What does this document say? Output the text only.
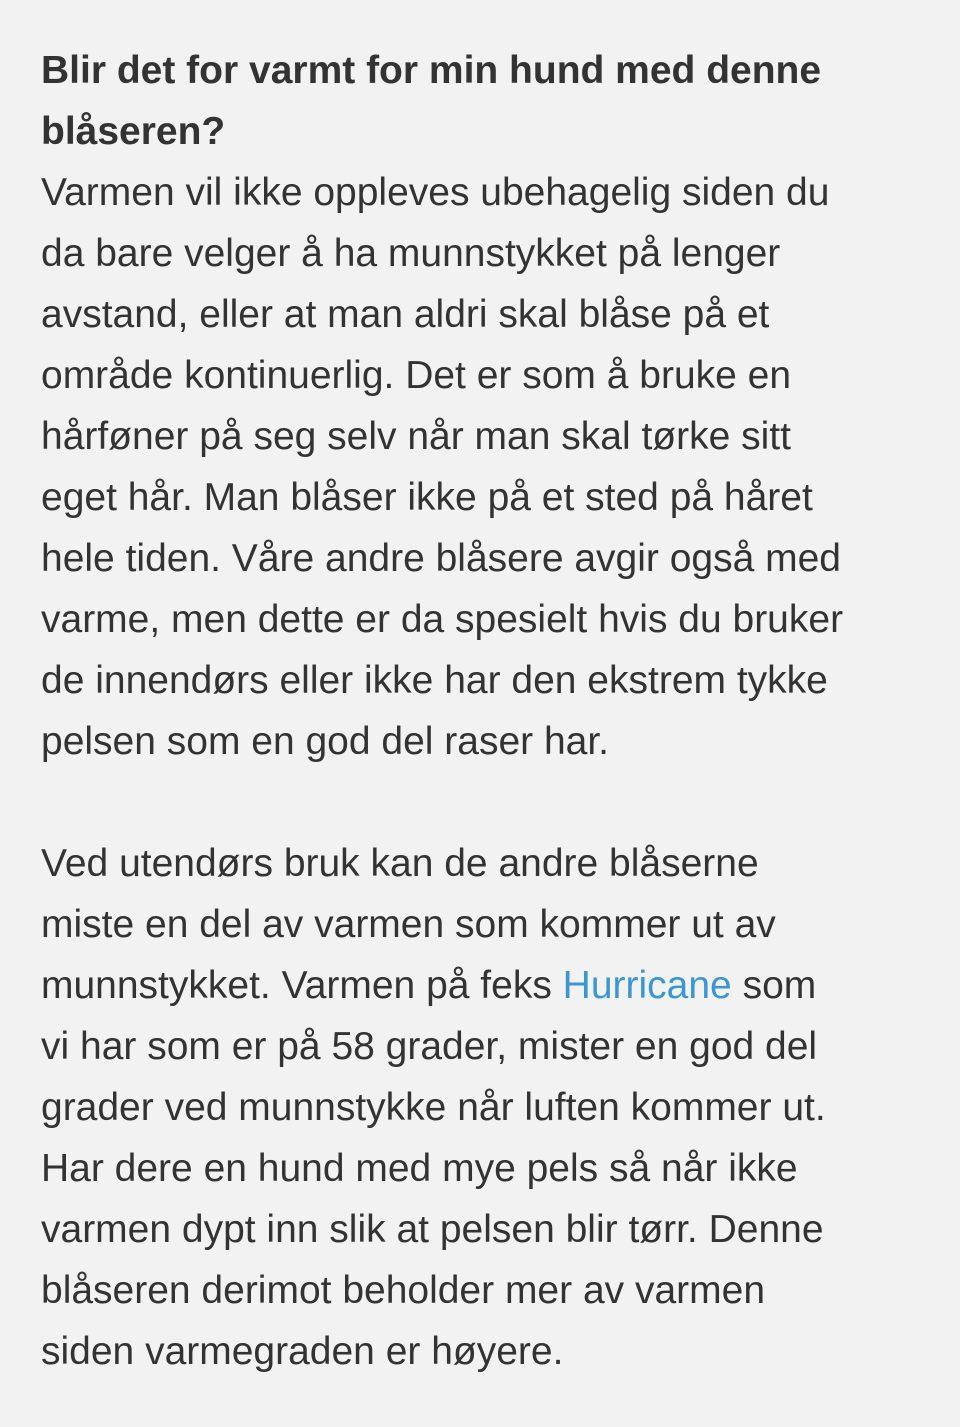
Blir det for varmt for min hund med denne
blåseren?

Varmen vil ikke oppleves ubehagelig siden du
da bare velger å ha munnstykket på lenger
avstand, eller at man aldri skal blåse på et
område kontinuerlig. Det er som å bruke en
hårføner på seg selv når man skal tørke sitt
eget hår. Man blåser ikke på et sted på håret
hele tiden. Våre andre blåsere avgir også med
varme, men dette er da spesielt hvis du bruker
de innendørs eller ikke har den ekstrem tykke
pelsen som en god del raser har.
Ved utendørs bruk kan de andre blåserne
miste en del av varmen som kommer ut av
munnstykket. Varmen på feks Hurricane som
vi har som er på 58 grader, mister en god del
grader ved munnstykke når luften kommer ut.
Har dere en hund med mye pels så når ikke
varmen dypt inn slik at pelsen blir tørr. Denne
blåseren derimot beholder mer av varmen
siden varmegraden er høyere.
